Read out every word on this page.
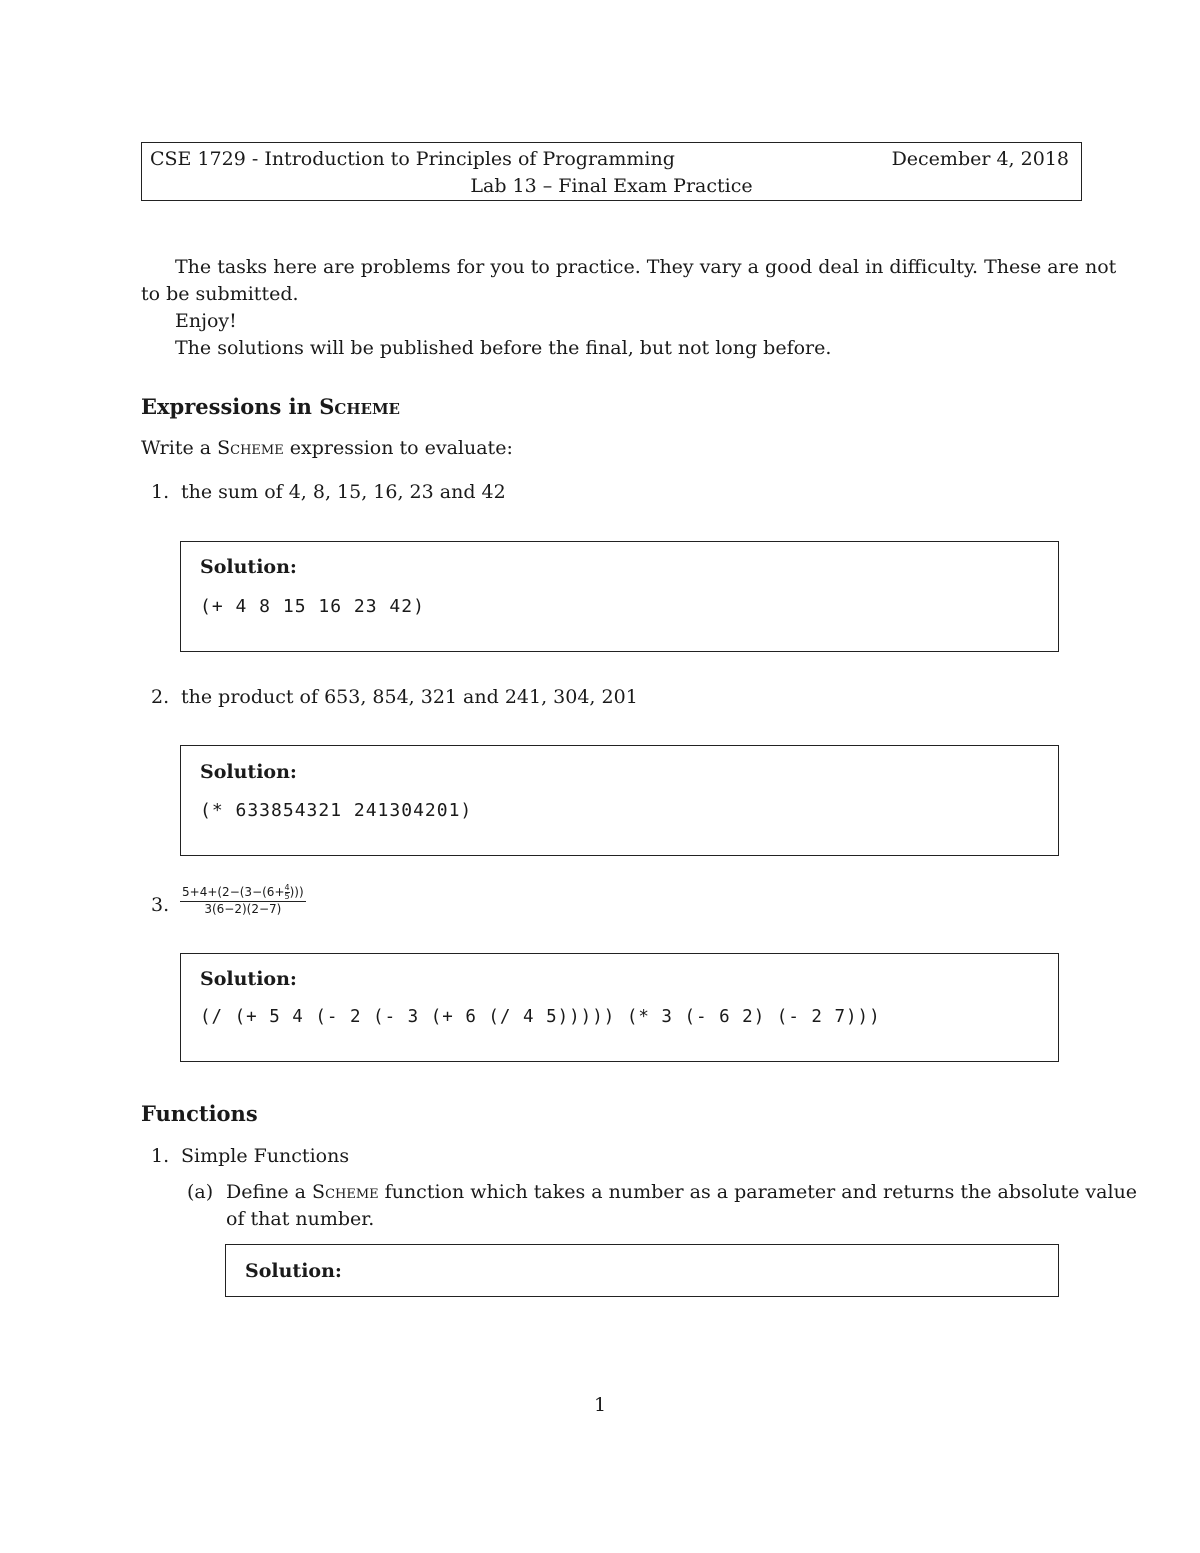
CSE 1729 - Introduction to Principles of Programming	December 4, 2018
Lab 13 – Final Exam Practice
The tasks here are problems for you to practice. They vary a good deal in difficulty. These are not
to be submitted.
Enjoy!
The solutions will be published before the final, but not long before.
Expressions in Scheme
Write a Scheme expression to evaluate:
1. the sum of 4, 8, 15, 16, 23 and 42
Solution:
(+ 4 8 15 16 23 42)
2. the product of 653, 854, 321 and 241, 304, 201
Solution:
(* 633854321 241304201)
3. $\frac{5+4+(2-(3-(6+ \frac{4}{5} )))}{3(6-2)(2-7)}$
Solution:
(/ (+ 5 4 (- 2 (- 3 (+ 6 (/ 4 5))))) (* 3 (- 6 2) (- 2 7)))
Functions
1. Simple Functions
(a) Define a Scheme function which takes a number as a parameter and returns the absolute value
of that number.
Solution:
1
